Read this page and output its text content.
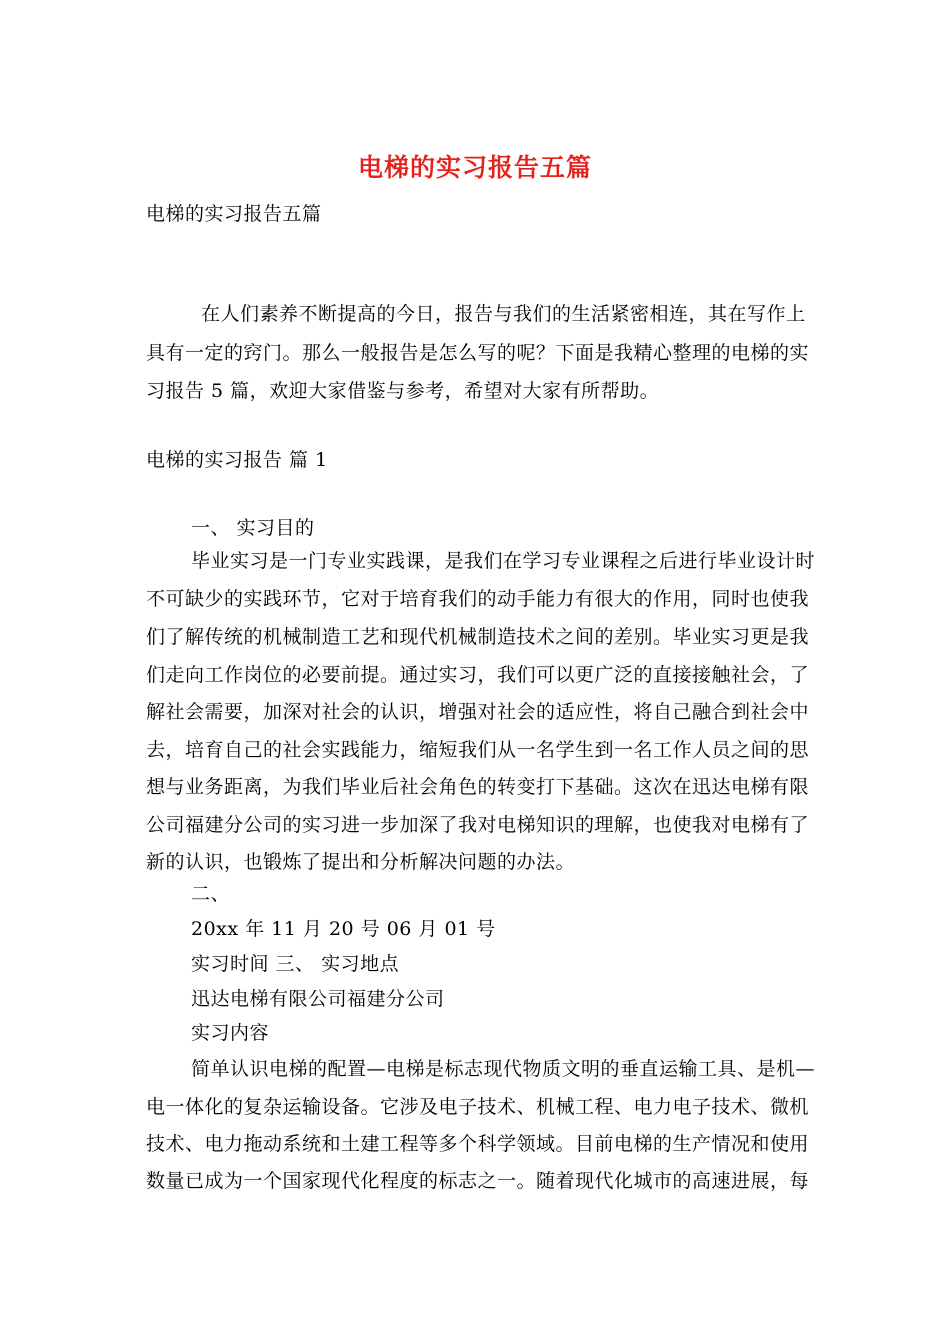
电梯的实习报告五篇
电梯的实习报告五篇
在人们素养不断提高的今日，报告与我们的生活紧密相连，其在写作上
具有一定的窍门。那么一般报告是怎么写的呢？下面是我精心整理的电梯的实
习报告 5 篇，欢迎大家借鉴与参考，希望对大家有所帮助。
电梯的实习报告 篇 1
一、 实习目的
毕业实习是一门专业实践课，是我们在学习专业课程之后进行毕业设计时
不可缺少的实践环节，它对于培育我们的动手能力有很大的作用，同时也使我
们了解传统的机械制造工艺和现代机械制造技术之间的差别。毕业实习更是我
们走向工作岗位的必要前提。通过实习，我们可以更广泛的直接接触社会，了
解社会需要，加深对社会的认识，增强对社会的适应性，将自己融合到社会中
去，培育自己的社会实践能力，缩短我们从一名学生到一名工作人员之间的思
想与业务距离，为我们毕业后社会角色的转变打下基础。这次在迅达电梯有限
公司福建分公司的实习进一步加深了我对电梯知识的理解，也使我对电梯有了
新的认识，也锻炼了提出和分析解决问题的办法。
二、
20xx 年 11 月 20 号 06 月 01 号
实习时间 三、 实习地点
迅达电梯有限公司福建分公司
实习内容
简单认识电梯的配置—电梯是标志现代物质文明的垂直运输工具、是机—
电一体化的复杂运输设备。它涉及电子技术、机械工程、电力电子技术、微机
技术、电力拖动系统和土建工程等多个科学领域。目前电梯的生产情况和使用
数量已成为一个国家现代化程度的标志之一。随着现代化城市的高速进展，每
